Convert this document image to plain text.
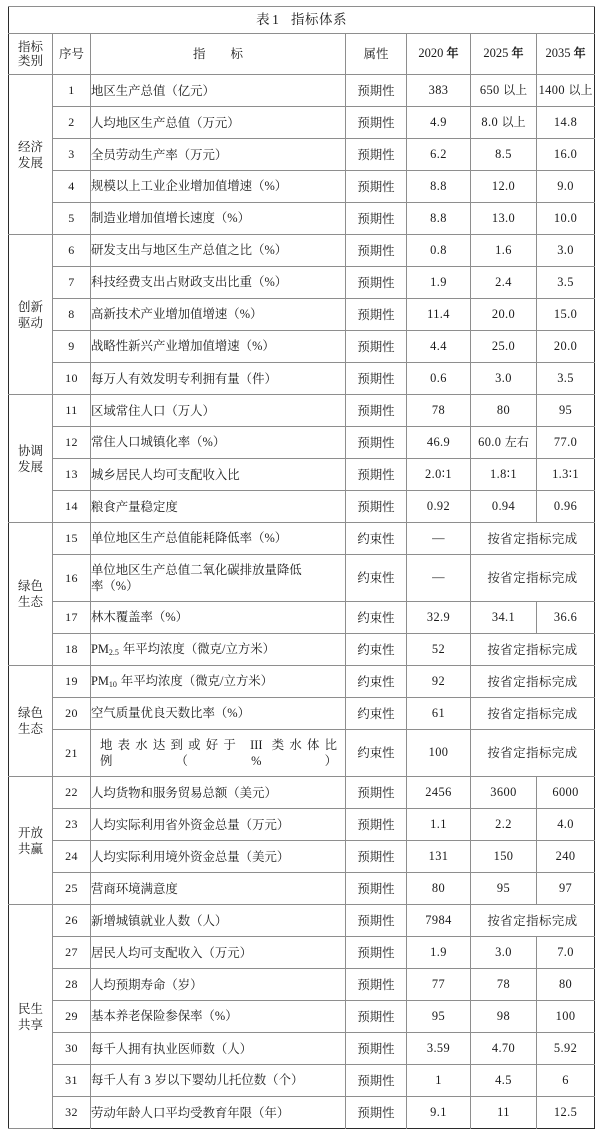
表 1  指标体系						

指标
类别	序号	指　　标	属性	2020 年	2025 年	2035 年

经济
发展	1	地区生产总值（亿元）	预期性	383	650 以上	1400 以上
	2	人均地区生产总值（万元）	预期性	4.9	8.0 以上	14.8
	3	全员劳动生产率（万元）	预期性	6.2	8.5	16.0
	4	规模以上工业企业增加值增速（%）	预期性	8.8	12.0	9.0
	5	制造业增加值增长速度（%）	预期性	8.8	13.0	10.0

创新
驱动	6	研发支出与地区生产总值之比（%）	预期性	0.8	1.6	3.0
	7	科技经费支出占财政支出比重（%）	预期性	1.9	2.4	3.5
	8	高新技术产业增加值增速（%）	预期性	11.4	20.0	15.0
	9	战略性新兴产业增加值增速（%）	预期性	4.4	25.0	20.0
	10	每万人有效发明专利拥有量（件）	预期性	0.6	3.0	3.5

协调
发展	11	区域常住人口（万人）	预期性	78	80	95
	12	常住人口城镇化率（%）	预期性	46.9	60.0 左右	77.0
	13	城乡居民人均可支配收入比	预期性	2.0∶1	1.8∶1	1.3∶1
	14	粮食产量稳定度	预期性	0.92	0.94	0.96

绿色
生态	15	单位地区生产总值能耗降低率（%）	约束性	—	按省定指标完成	
	16	单位地区生产总值二氧化碳排放量降低
率（%）	约束性	—	按省定指标完成	
	17	林木覆盖率（%）	约束性	32.9	34.1	36.6
	18	$PM_{2.5}$ 年平均浓度（微克/立方米）	约束性	52	按省定指标完成	

绿色
生态	19	$PM_{10}$ 年平均浓度（微克/立方米）	约束性	92	按省定指标完成	
	20	空气质量优良天数比率（%）	约束性	61	按省定指标完成	
	21	地表水达到或好于 III 类水体比
例（%）	约束性	100	按省定指标完成	

开放
共赢	22	人均货物和服务贸易总额（美元）	预期性	2456	3600	6000
	23	人均实际利用省外资金总量（万元）	预期性	1.1	2.2	4.0
	24	人均实际利用境外资金总量（美元）	预期性	131	150	240
	25	营商环境满意度	预期性	80	95	97

民生
共享	26	新增城镇就业人数（人）	预期性	7984	按省定指标完成	
	27	居民人均可支配收入（万元）	预期性	1.9	3.0	7.0
	28	人均预期寿命（岁）	预期性	77	78	80
	29	基本养老保险参保率（%）	预期性	95	98	100
	30	每千人拥有执业医师数（人）	预期性	3.59	4.70	5.92
	31	每千人有 3 岁以下婴幼儿托位数（个）	预期性	1	4.5	6
	32	劳动年龄人口平均受教育年限（年）	预期性	9.1	11	12.5
